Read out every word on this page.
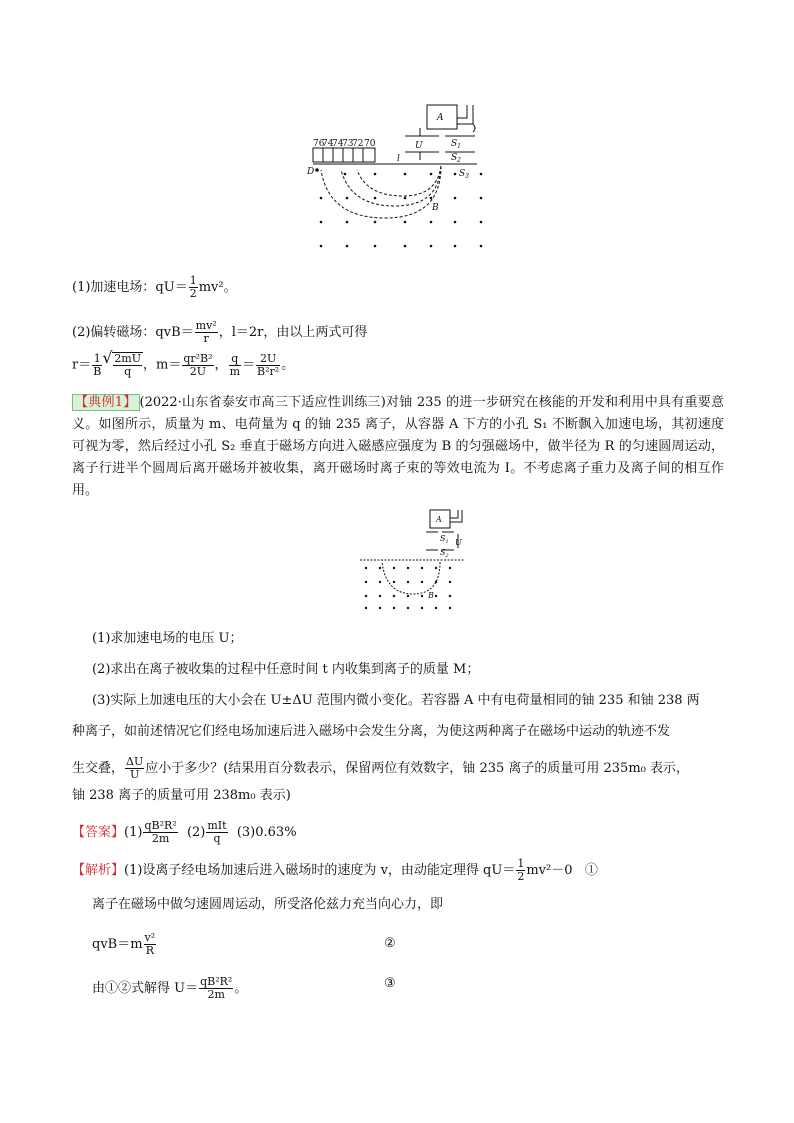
76
74
74
73
72 70
A
U	$S_1$
$S_2$
$S_3$
l
D
B
(1)加速电场：$qU= \frac{1}{2} mv^2$。
(2)偏转磁场：$qvB= \frac{\text{mv²}}{r}$ ，l＝2r，由以上两式可得
$r= \frac{1}{B}$
√ $\frac{2mU}{q}$ ，$m= \frac{\text{qr²B²}}{2U}$ ， $\frac{q}{m} = \frac{2U}{\text{B²r²}}$ 。
【典例1】 (2022·山东省泰安市高三下适应性训练三)对铀 235 的进一步研究在核能的开发和利用中具有重要意义。如图所示，质量为 m、电荷量为 q 的铀 235 离子，从容器 A 下方的小孔 S₁ 不断飘入加速电场，其初速度可视为零，然后经过小孔 S₂ 垂直于磁场方向进入磁感应强度为 B 的匀强磁场中，做半径为 R 的匀速圆周运动，离子行进半个圆周后离开磁场并被收集，离开磁场时离子束的等效电流为 I。不考虑离子重力及离子间的相互作用。
A
$S_1$
$S_2$
U
B
(1)求加速电场的电压 U；
(2)求出在离子被收集的过程中任意时间 t 内收集到离子的质量 M；
(3)实际上加速电压的大小会在 U±ΔU 范围内微小变化。若容器 A 中有电荷量相同的铀 235 和铀 238 两
种离子，如前述情况它们经电场加速后进入磁场中会发生分离，为使这两种离子在磁场中运动的轨迹不发
生交叠， $\frac{\Delta U}{U}$ 应小于多少？(结果用百分数表示，保留两位有效数字，铀 235 离子的质量可用 235m₀ 表示，
铀 238 离子的质量可用 238m₀ 表示)
【答案】$(1) \frac{\text{qB²R²}}{2m} (2) \frac{\text{mIt}}{q} (3)0.63\%$
【解析】(1)设离子经电场加速后进入磁场时的速度为 v，由动能定理得 $qU= \frac{1}{2} mv^2-0$ ①
离子在磁场中做匀速圆周运动，所受洛伦兹力充当向心力，即
$qvB=m \frac{\text{v²}}{R}$	②
由①②式解得 $U= \frac{\text{qB²R²}}{2m}$ 。	③
